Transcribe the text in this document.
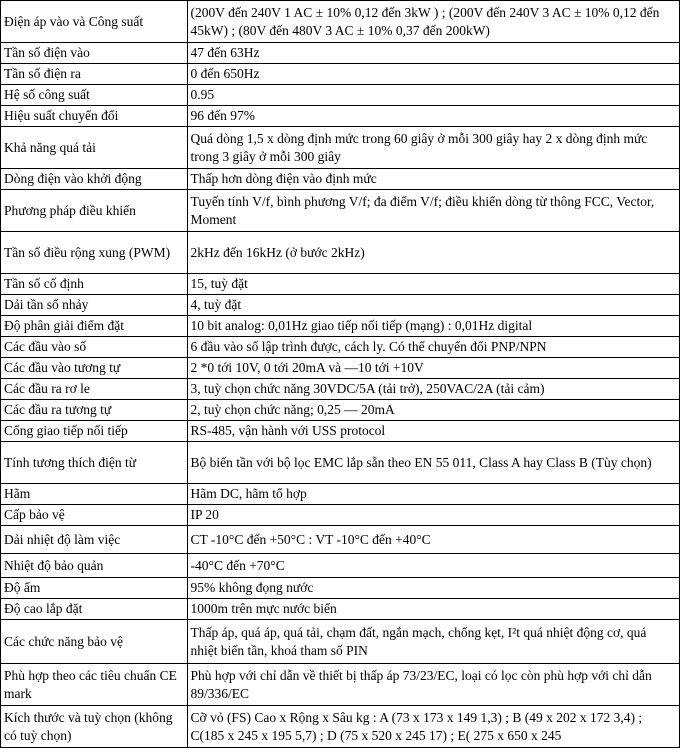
Điện áp vào và Công suất	(200V đến 240V 1 AC ± 10% 0,12 đến 3kW ) ; (200V đến 240V 3 AC ± 10% 0,12 đến 45kW) ; (80V đến 480V 3 AC ± 10% 0,37 đến 200kW)
Tần số điện vào	47 đến 63Hz
Tần số điện ra	0 đến 650Hz
Hệ số công suất	0.95
Hiệu suất chuyển đổi	96 đến 97%
Khả năng quá tải	Quá dòng 1,5 x dòng định mức trong 60 giây ở mỗi 300 giây hay 2 x dòng định mức trong 3 giây ở mỗi 300 giây
Dòng điện vào khởi động	Thấp hơn dòng điện vào định mức
Phương pháp điều khiển	Tuyến tính V/f, bình phương V/f; đa điểm V/f; điều khiển dòng từ thông FCC, Vector, Moment
Tần số điều rộng xung (PWM)	2kHz đến 16kHz (ở bước 2kHz)
Tần số cố định	15, tuỳ đặt
Dải tần số nhảy	4, tuỳ đặt
Độ phân giải điểm đặt	10 bit analog: 0,01Hz giao tiếp nối tiếp (mạng) : 0,01Hz digital
Các đầu vào số	6 đầu vào số lập trình được, cách ly. Có thể chuyển đổi PNP/NPN
Các đầu vào tương tự	2 *0 tới 10V, 0 tới 20mA và —10 tới +10V
Các đầu ra rơ le	3, tuỳ chọn chức năng 30VDC/5A (tải trở), 250VAC/2A (tải cảm)
Các đầu ra tương tự	2, tuỳ chọn chức năng; 0,25 — 20mA
Cổng giao tiếp nối tiếp	RS-485, vận hành với USS protocol
Tính tương thích điện từ	Bộ biến tần với bộ lọc EMC lắp sẵn theo EN 55 011, Class A hay Class B (Tùy chọn)
Hãm	Hãm DC, hãm tổ hợp
Cấp bảo vệ	IP 20
Dải nhiệt độ làm việc	CT -10°C đến +50°C : VT -10°C đến +40°C
Nhiệt độ bảo quản	-40°C đến +70°C
Độ ẩm	95% không đọng nước
Độ cao lắp đặt	1000m trên mực nước biển
Các chức năng bảo vệ	Thấp áp, quá áp, quá tải, chạm đất, ngắn mạch, chống kẹt, I²t quá nhiệt động cơ, quá nhiệt biến tần, khoá tham số PIN
Phù hợp theo các tiêu chuẩn CE mark	Phù hợp với chỉ dẫn về thiết bị thấp áp 73/23/EC, loại có lọc còn phù hợp với chỉ dẫn 89/336/EC
Kích thước và tuỳ chọn (không có tuỳ chọn)	Cỡ vỏ (FS) Cao x Rộng x Sâu kg : A (73 x 173 x 149 1,3) ; B (49 x 202 x 172 3,4) ; C(185 x 245 x 195 5,7) ; D (75 x 520 x 245 17) ; E( 275 x 650 x 245
